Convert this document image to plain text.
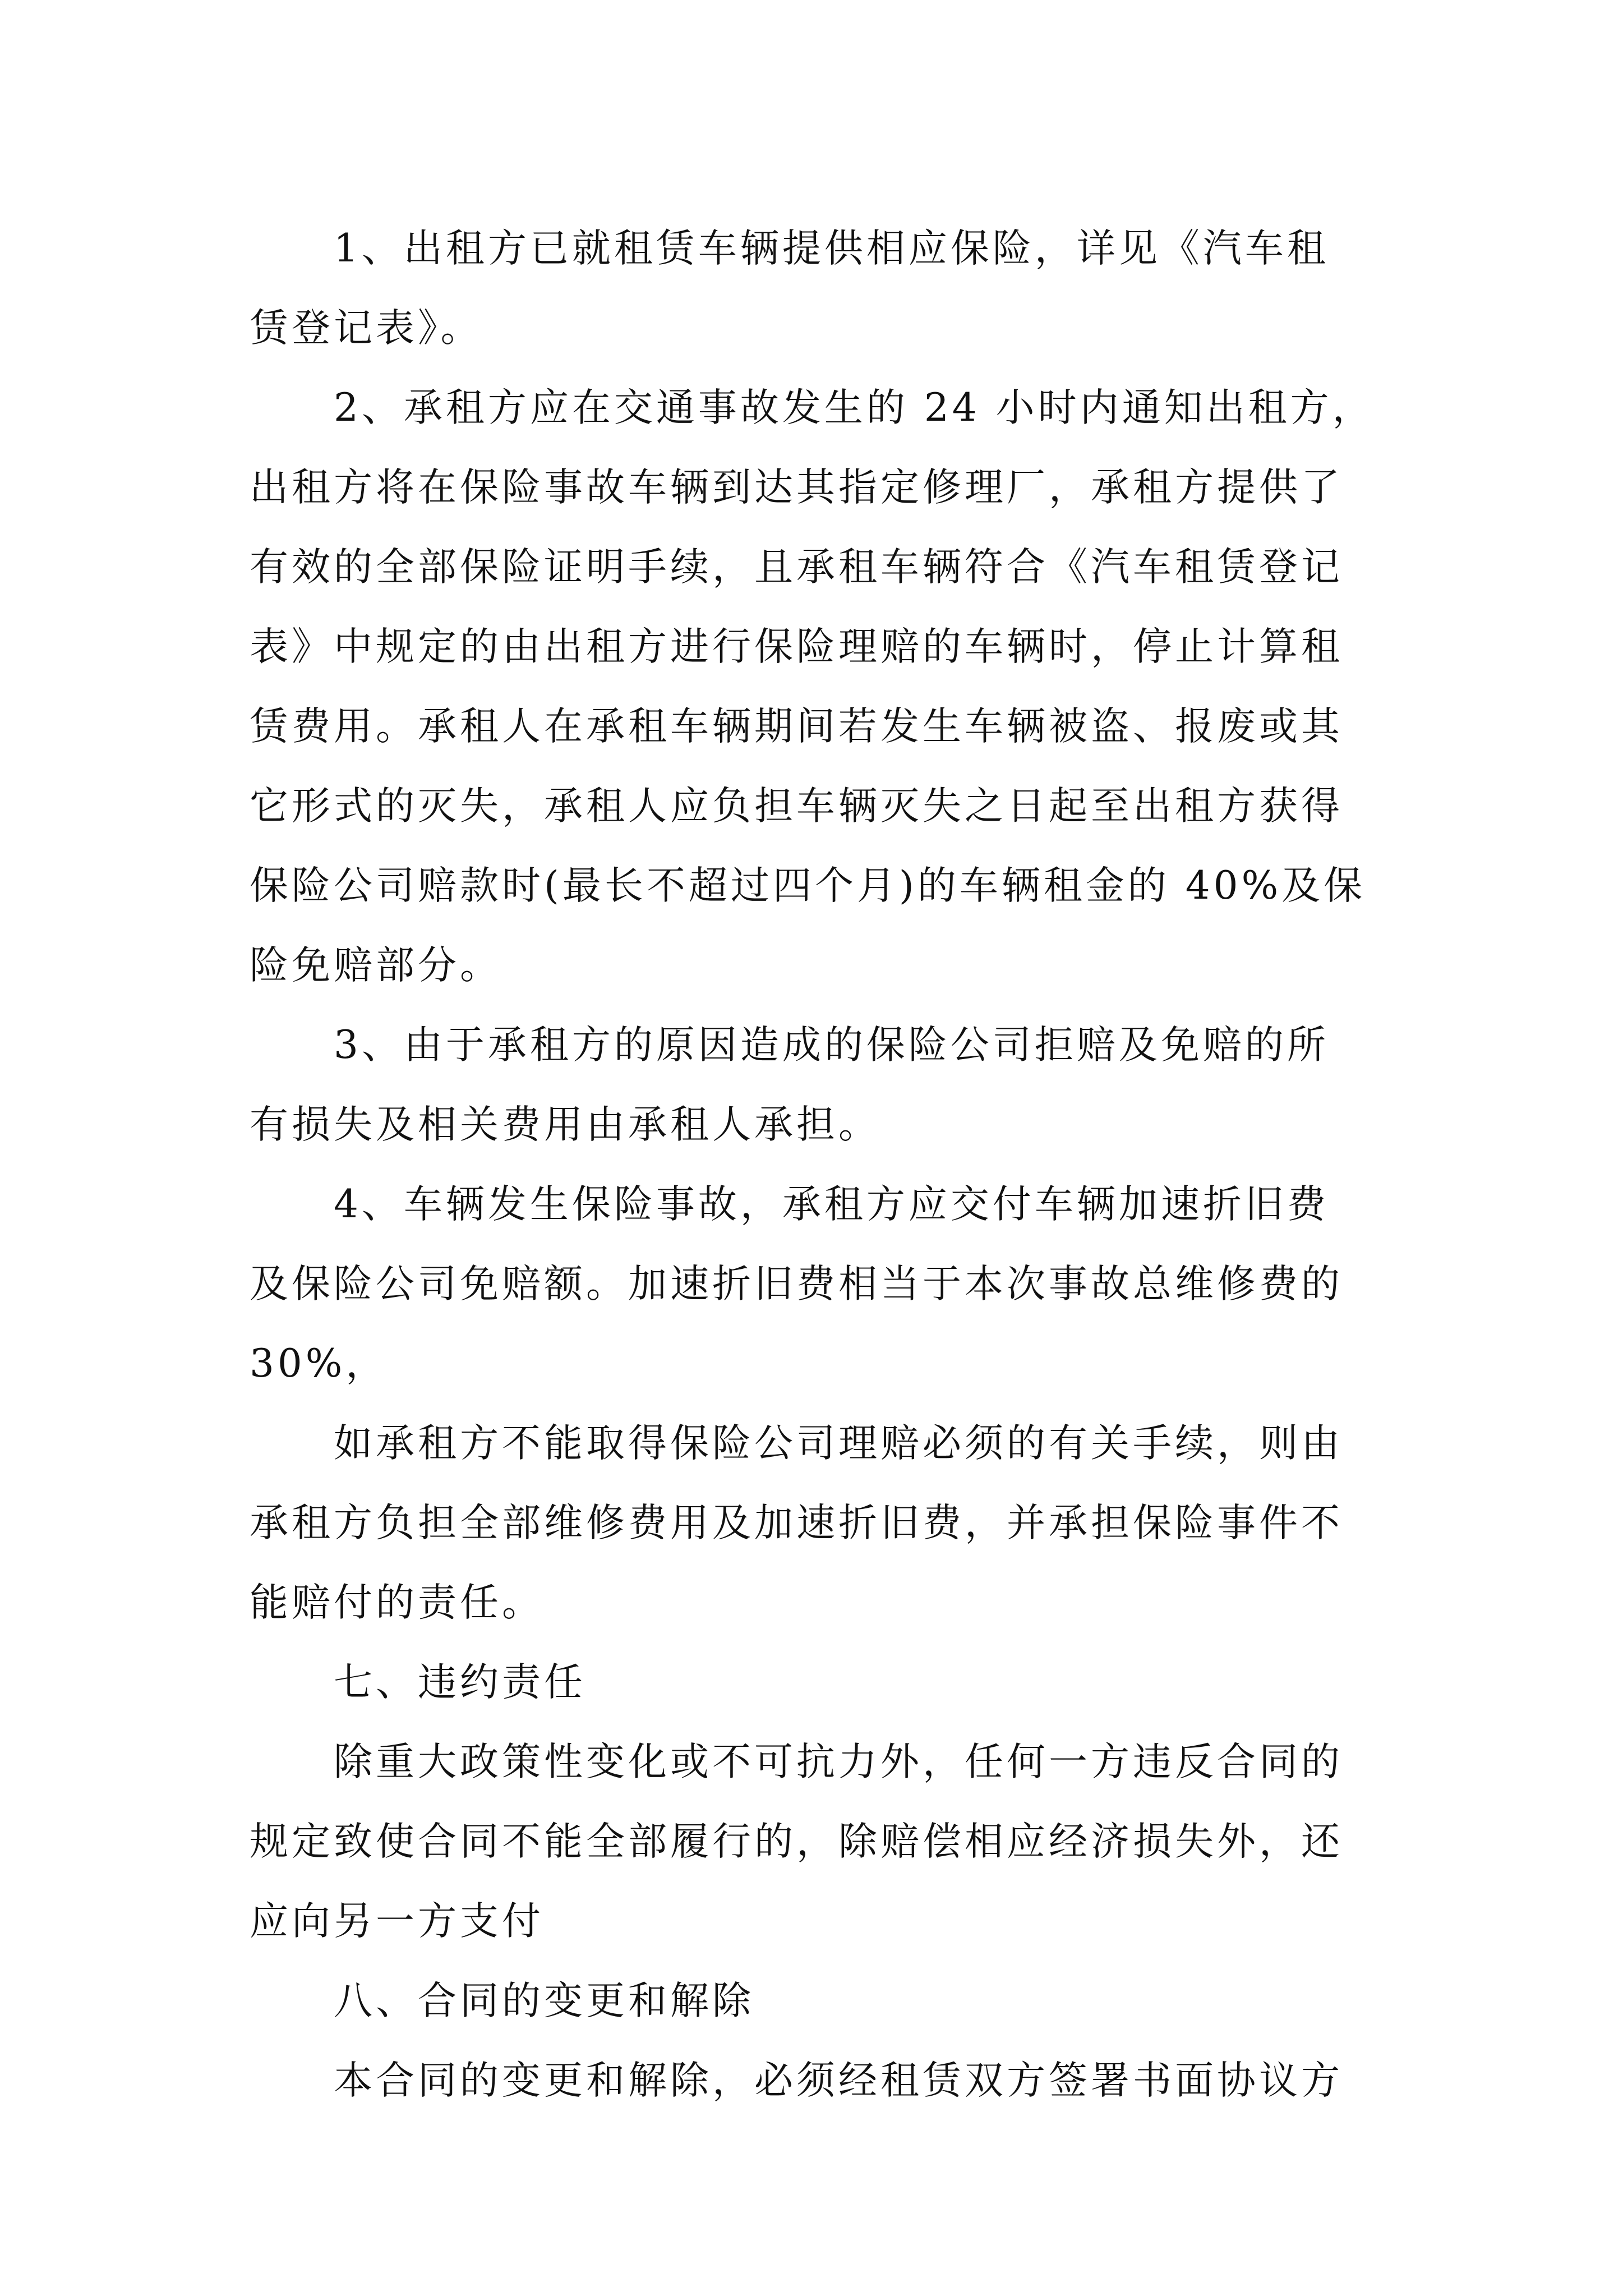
1、出租方已就租赁车辆提供相应保险，详见《汽车租
赁登记表》。
2、承租方应在交通事故发生的 24 小时内通知出租方，
出租方将在保险事故车辆到达其指定修理厂，承租方提供了
有效的全部保险证明手续，且承租车辆符合《汽车租赁登记
表》中规定的由出租方进行保险理赔的车辆时，停止计算租
赁费用。承租人在承租车辆期间若发生车辆被盗、报废或其
它形式的灭失，承租人应负担车辆灭失之日起至出租方获得
保险公司赔款时(最长不超过四个月)的车辆租金的 40%及保
险免赔部分。
3、由于承租方的原因造成的保险公司拒赔及免赔的所
有损失及相关费用由承租人承担。
4、车辆发生保险事故，承租方应交付车辆加速折旧费
及保险公司免赔额。加速折旧费相当于本次事故总维修费的
30%，
如承租方不能取得保险公司理赔必须的有关手续，则由
承租方负担全部维修费用及加速折旧费，并承担保险事件不
能赔付的责任。
七、违约责任
除重大政策性变化或不可抗力外，任何一方违反合同的
规定致使合同不能全部履行的，除赔偿相应经济损失外，还
应向另一方支付
八、合同的变更和解除
本合同的变更和解除，必须经租赁双方签署书面协议方
